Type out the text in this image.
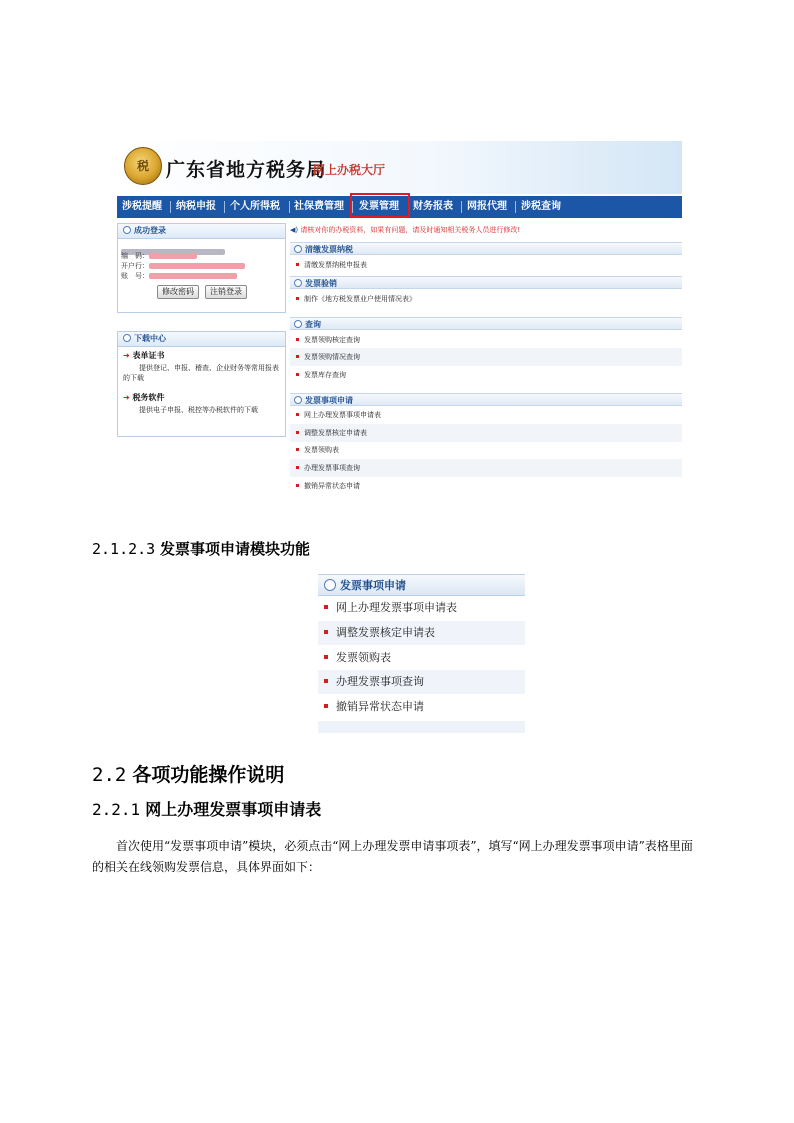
税 广东省地方税务局
网上办税大厅
涉税提醒 纳税申报 个人所得税 社保费管理 发票管理 财务报表 网报代理 涉税查询
成功登录
编　码：
开户行：
账　号：
修改密码	注销登录
下载中心
➜ 表单证书
提供登记、申报、稽查、企业财务等常用报表的下载
➜ 税务软件
提供电子申报、税控等办税软件的下载
◀) 请核对你的办税资料，如果有问题，请及时通知相关税务人员进行修改!
清缴发票纳税
清缴发票纳税申报表
发票验销
制作《地方税发票业户使用情况表》
查询
发票领购核定查询
发票领购情况查询
发票库存查询
发票事项申请
网上办理发票事项申请表
调整发票核定申请表
发票领购表
办理发票事项查询
撤销异常状态申请
2.1.2.3 发票事项申请模块功能
发票事项申请
网上办理发票事项申请表
调整发票核定申请表
发票领购表
办理发票事项查询
撤销异常状态申请
2.2 各项功能操作说明
2.2.1 网上办理发票事项申请表

首次使用“发票事项申请”模块，必须点击“网上办理发票申请事项表”，填写“网上办理发票事项申请”表格里面的相关在线领购发票信息，具体界面如下：
